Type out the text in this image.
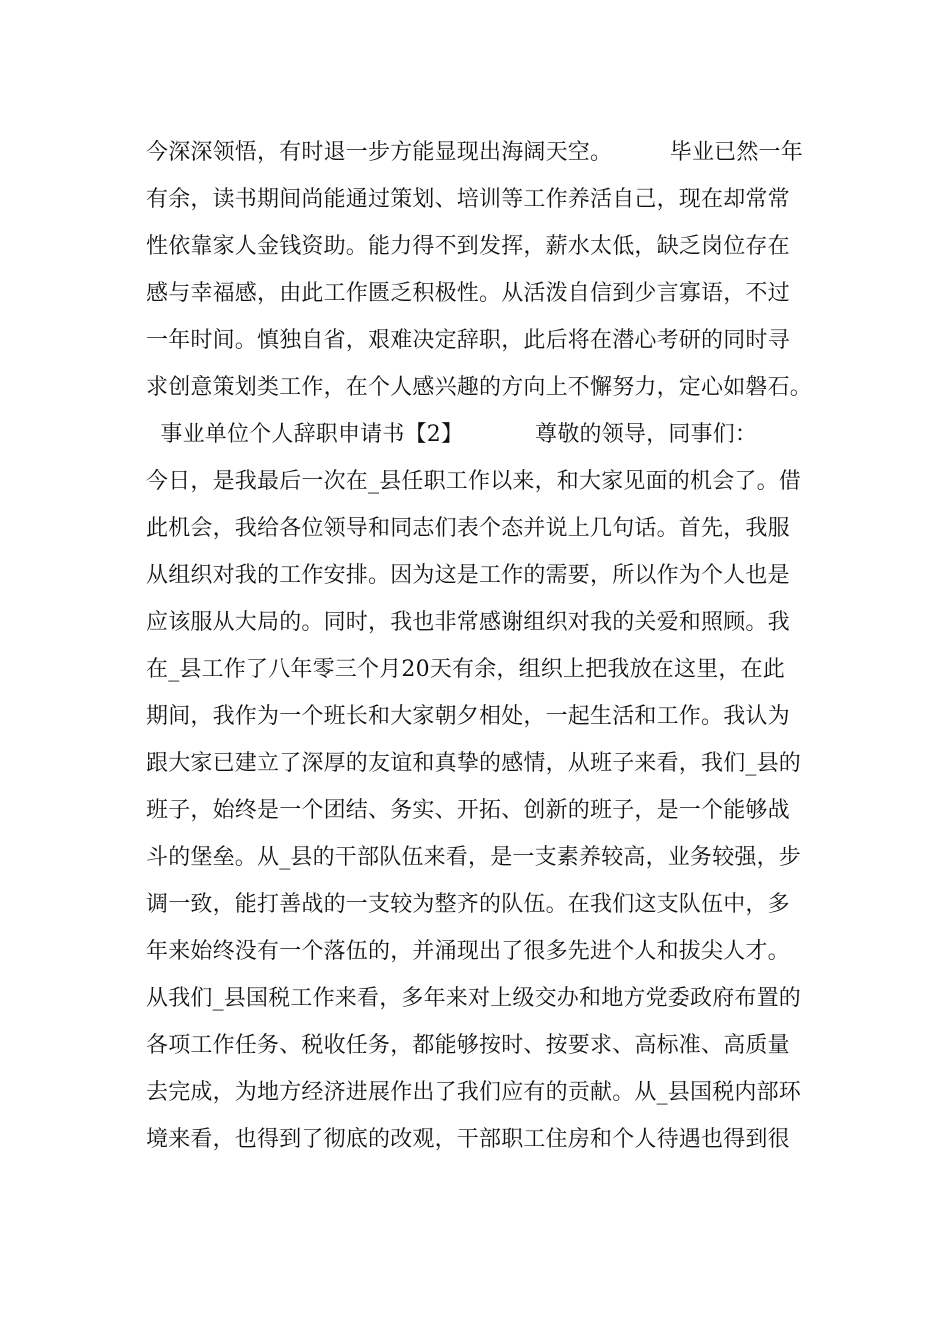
今深深领悟，有时退一步方能显现出海阔天空。        毕业已然一年
有余，读书期间尚能通过策划、培训等工作养活自己，现在却常常
性依靠家人金钱资助。能力得不到发挥，薪水太低，缺乏岗位存在
感与幸福感，由此工作匮乏积极性。从活泼自信到少言寡语，不过
一年时间。慎独自省，艰难决定辞职，此后将在潜心考研的同时寻
求创意策划类工作，在个人感兴趣的方向上不懈努力，定心如磐石。
事业单位个人辞职申请书【2】          尊敬的领导，同事们：
今日，是我最后一次在_县任职工作以来，和大家见面的机会了。借
此机会，我给各位领导和同志们表个态并说上几句话。首先，我服
从组织对我的工作安排。因为这是工作的需要，所以作为个人也是
应该服从大局的。同时，我也非常感谢组织对我的关爱和照顾。我
在_县工作了八年零三个月20天有余，组织上把我放在这里，在此
期间，我作为一个班长和大家朝夕相处，一起生活和工作。我认为
跟大家已建立了深厚的友谊和真挚的感情，从班子来看，我们_县的
班子，始终是一个团结、务实、开拓、创新的班子，是一个能够战
斗的堡垒。从_县的干部队伍来看，是一支素养较高，业务较强，步
调一致，能打善战的一支较为整齐的队伍。在我们这支队伍中，多
年来始终没有一个落伍的，并涌现出了很多先进个人和拔尖人才。
从我们_县国税工作来看，多年来对上级交办和地方党委政府布置的
各项工作任务、税收任务，都能够按时、按要求、高标准、高质量
去完成，为地方经济进展作出了我们应有的贡献。从_县国税内部环
境来看，也得到了彻底的改观，干部职工住房和个人待遇也得到很
